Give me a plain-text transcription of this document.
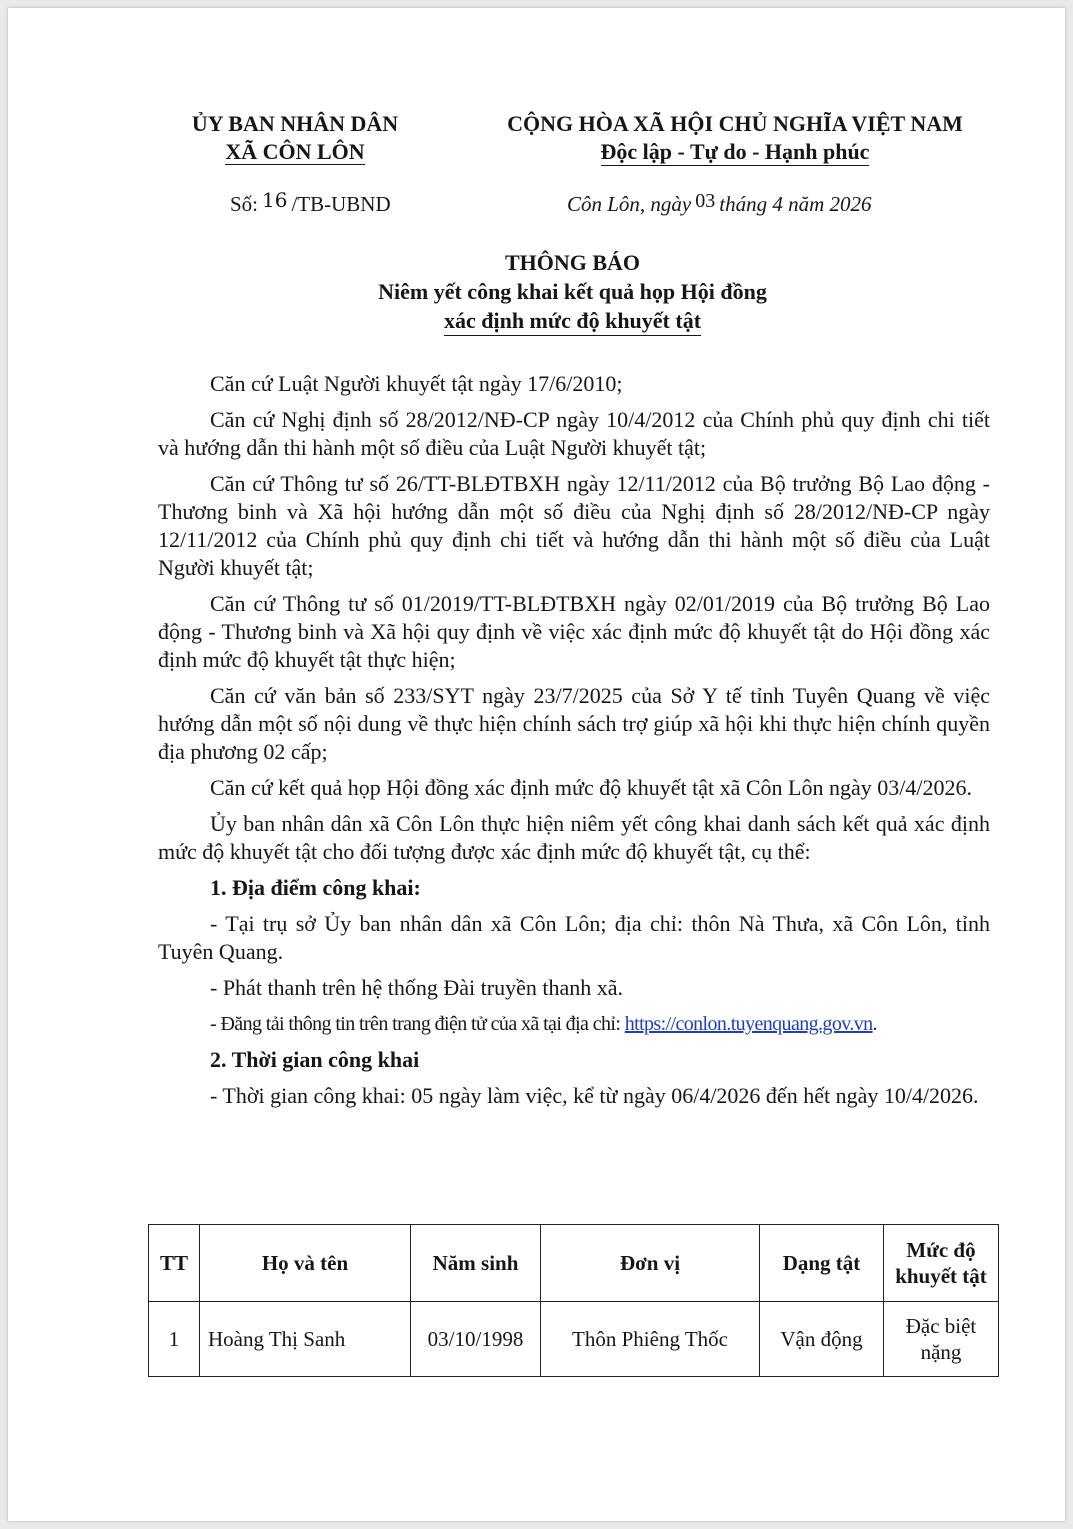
ỦY BAN NHÂN DÂN
XÃ CÔN LÔN
CỘNG HÒA XÃ HỘI CHỦ NGHĨA VIỆT NAM
Độc lập - Tự do - Hạnh phúc
Số: 16 /TB-UBND	Côn Lôn, ngày 03 tháng 4 năm 2026
THÔNG BÁO
Niêm yết công khai kết quả họp Hội đồng
xác định mức độ khuyết tật

Căn cứ Luật Người khuyết tật ngày 17/6/2010;

Căn cứ Nghị định số 28/2012/NĐ-CP ngày 10/4/2012 của Chính phủ quy định chi tiết và hướng dẫn thi hành một số điều của Luật Người khuyết tật;

Căn cứ Thông tư số 26/TT-BLĐTBXH ngày 12/11/2012 của Bộ trưởng Bộ Lao động - Thương binh và Xã hội hướng dẫn một số điều của Nghị định số 28/2012/NĐ-CP ngày 12/11/2012 của Chính phủ quy định chi tiết và hướng dẫn thi hành một số điều của Luật Người khuyết tật;

Căn cứ Thông tư số 01/2019/TT-BLĐTBXH ngày 02/01/2019 của Bộ trưởng Bộ Lao động - Thương binh và Xã hội quy định về việc xác định mức độ khuyết tật do Hội đồng xác định mức độ khuyết tật thực hiện;

Căn cứ văn bản số 233/SYT ngày 23/7/2025 của Sở Y tế tỉnh Tuyên Quang về việc hướng dẫn một số nội dung về thực hiện chính sách trợ giúp xã hội khi thực hiện chính quyền địa phương 02 cấp;

Căn cứ kết quả họp Hội đồng xác định mức độ khuyết tật xã Côn Lôn ngày 03/4/2026.

Ủy ban nhân dân xã Côn Lôn thực hiện niêm yết công khai danh sách kết quả xác định mức độ khuyết tật cho đối tượng được xác định mức độ khuyết tật, cụ thể:

1. Địa điểm công khai:

- Tại trụ sở Ủy ban nhân dân xã Côn Lôn; địa chỉ: thôn Nà Thưa, xã Côn Lôn, tỉnh Tuyên Quang.

- Phát thanh trên hệ thống Đài truyền thanh xã.

- Đăng tải thông tin trên trang điện tử của xã tại địa chỉ: https://conlon.tuyenquang.gov.vn.

2. Thời gian công khai

- Thời gian công khai: 05 ngày làm việc, kể từ ngày 06/4/2026 đến hết ngày 10/4/2026.

TT	Họ và tên	Năm sinh	Đơn vị	Dạng tật	Mức độ khuyết tật
1	Hoàng Thị Sanh	03/10/1998	Thôn Phiêng Thốc	Vận động	Đặc biệt nặng
